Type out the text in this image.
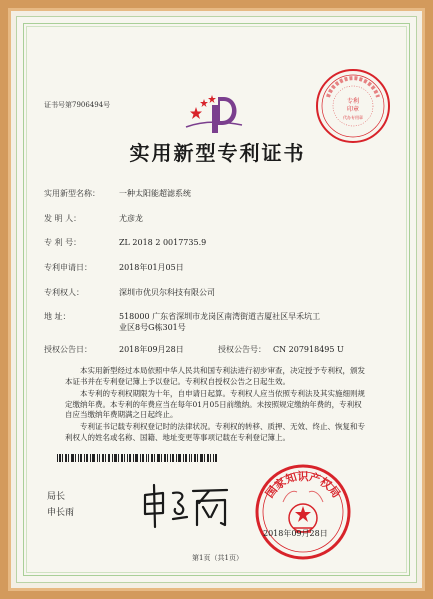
证书号第7906494号	专利
印章
代办专用章
实用新型专利证书
实用新型名称： 一种太阳能超滤系统
发 明 人：	尤彦龙
专 利 号：	ZL 2018 2 0017735.9
专利申请日：	2018年01月05日
专利权人：	深圳市优贝尔科技有限公司
地 址：	518000 广东省深圳市龙岗区南湾街道吉厦社区早禾坑工
业区8号G栋301号
授权公告日：	2018年09月28日	授权公告号： CN 207918495 U
本实用新型经过本局依照中华人民共和国专利法进行初步审查，决定授予专利权，颁发本证书并在专利登记簿上予以登记。专利权自授权公告之日起生效。
本专利的专利权期限为十年，自申请日起算。专利权人应当依照专利法及其实施细则规定缴纳年费。本专利的年费应当在每年01月05日前缴纳。未按照规定缴纳年费的，专利权自应当缴纳年费期满之日起终止。
专利证书记载专利权登记时的法律状况。专利权的转移、质押、无效、终止、恢复和专利权人的姓名或名称、国籍、地址变更等事项记载在专利登记簿上。
局长
申长雨
国家知识产权局
2018年09月28日
第1页（共1页）
